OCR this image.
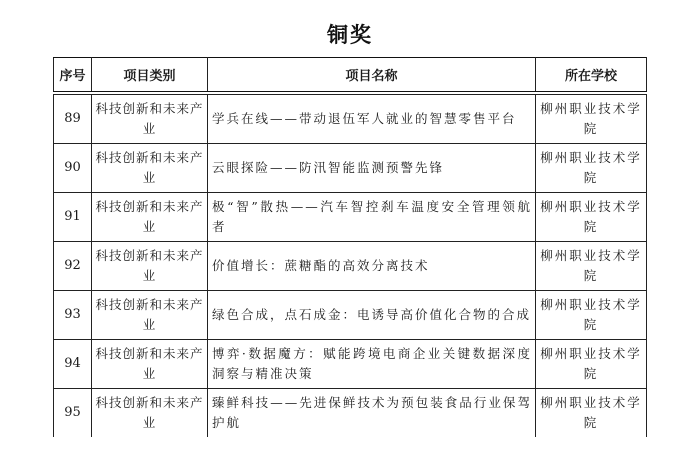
铜奖
序号	项目类别	项目名称	所在学校
89	科技创新和未来产业	学兵在线——带动退伍军人就业的智慧零售平台	柳州职业技术学院
90	科技创新和未来产业	云眼探险——防汛智能监测预警先锋	柳州职业技术学院
91	科技创新和未来产业	极“智”散热——汽车智控刹车温度安全管理领航者	柳州职业技术学院
92	科技创新和未来产业	价值增长：蔗糖酯的高效分离技术	柳州职业技术学院
93	科技创新和未来产业	绿色合成，点石成金：电诱导高价值化合物的合成	柳州职业技术学院
94	科技创新和未来产业	博弈·数据魔方：赋能跨境电商企业关键数据深度洞察与精准决策	柳州职业技术学院
95	科技创新和未来产业	臻鲜科技——先进保鲜技术为预包装食品行业保驾护航	柳州职业技术学院
